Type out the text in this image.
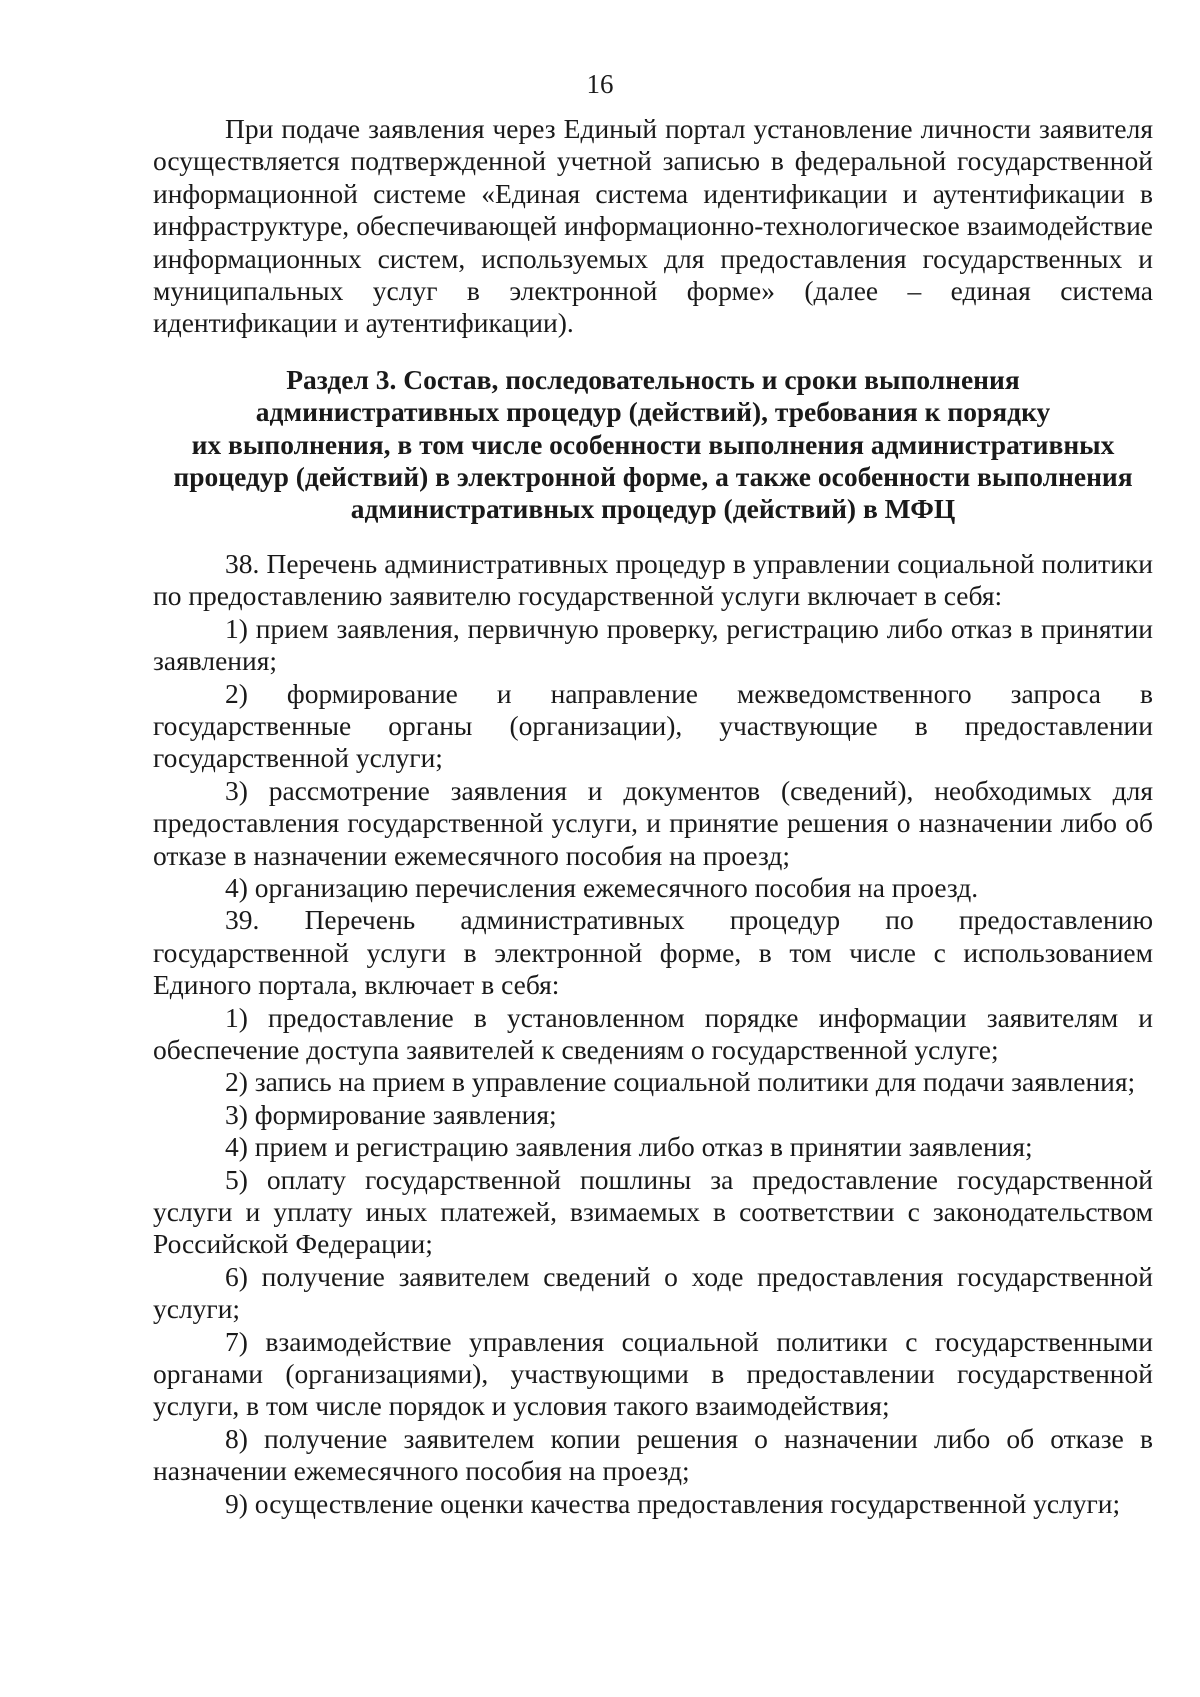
16

При подаче заявления через Единый портал установление личности заявителя осуществляется подтвержденной учетной записью в федеральной государственной информационной системе «Единая система идентификации и аутентификации в инфраструктуре, обеспечивающей информационно-технологическое взаимодействие информационных систем, используемых для предоставления государственных и муниципальных услуг в электронной форме» (далее – единая система идентификации и аутентификации).

Раздел 3. Состав, последовательность и сроки выполнения
административных процедур (действий), требования к порядку
их выполнения, в том числе особенности выполнения административных
процедур (действий) в электронной форме, а также особенности выполнения
административных процедур (действий) в МФЦ

38. Перечень административных процедур в управлении социальной политики по предоставлению заявителю государственной услуги включает в себя:

1) прием заявления, первичную проверку, регистрацию либо отказ в принятии заявления;

2) формирование и направление межведомственного запроса в государственные органы (организации), участвующие в предоставлении государственной услуги;

3) рассмотрение заявления и документов (сведений), необходимых для предоставления государственной услуги, и принятие решения о назначении либо об отказе в назначении ежемесячного пособия на проезд;

4) организацию перечисления ежемесячного пособия на проезд.

39. Перечень административных процедур по предоставлению государственной услуги в электронной форме, в том числе с использованием Единого портала, включает в себя:

1) предоставление в установленном порядке информации заявителям и обеспечение доступа заявителей к сведениям о государственной услуге;

2) запись на прием в управление социальной политики для подачи заявления;

3) формирование заявления;

4) прием и регистрацию заявления либо отказ в принятии заявления;

5) оплату государственной пошлины за предоставление государственной услуги и уплату иных платежей, взимаемых в соответствии с законодательством Российской Федерации;

6) получение заявителем сведений о ходе предоставления государственной услуги;

7) взаимодействие управления социальной политики с государственными органами (организациями), участвующими в предоставлении государственной услуги, в том числе порядок и условия такого взаимодействия;

8) получение заявителем копии решения о назначении либо об отказе в назначении ежемесячного пособия на проезд;

9) осуществление оценки качества предоставления государственной услуги;
